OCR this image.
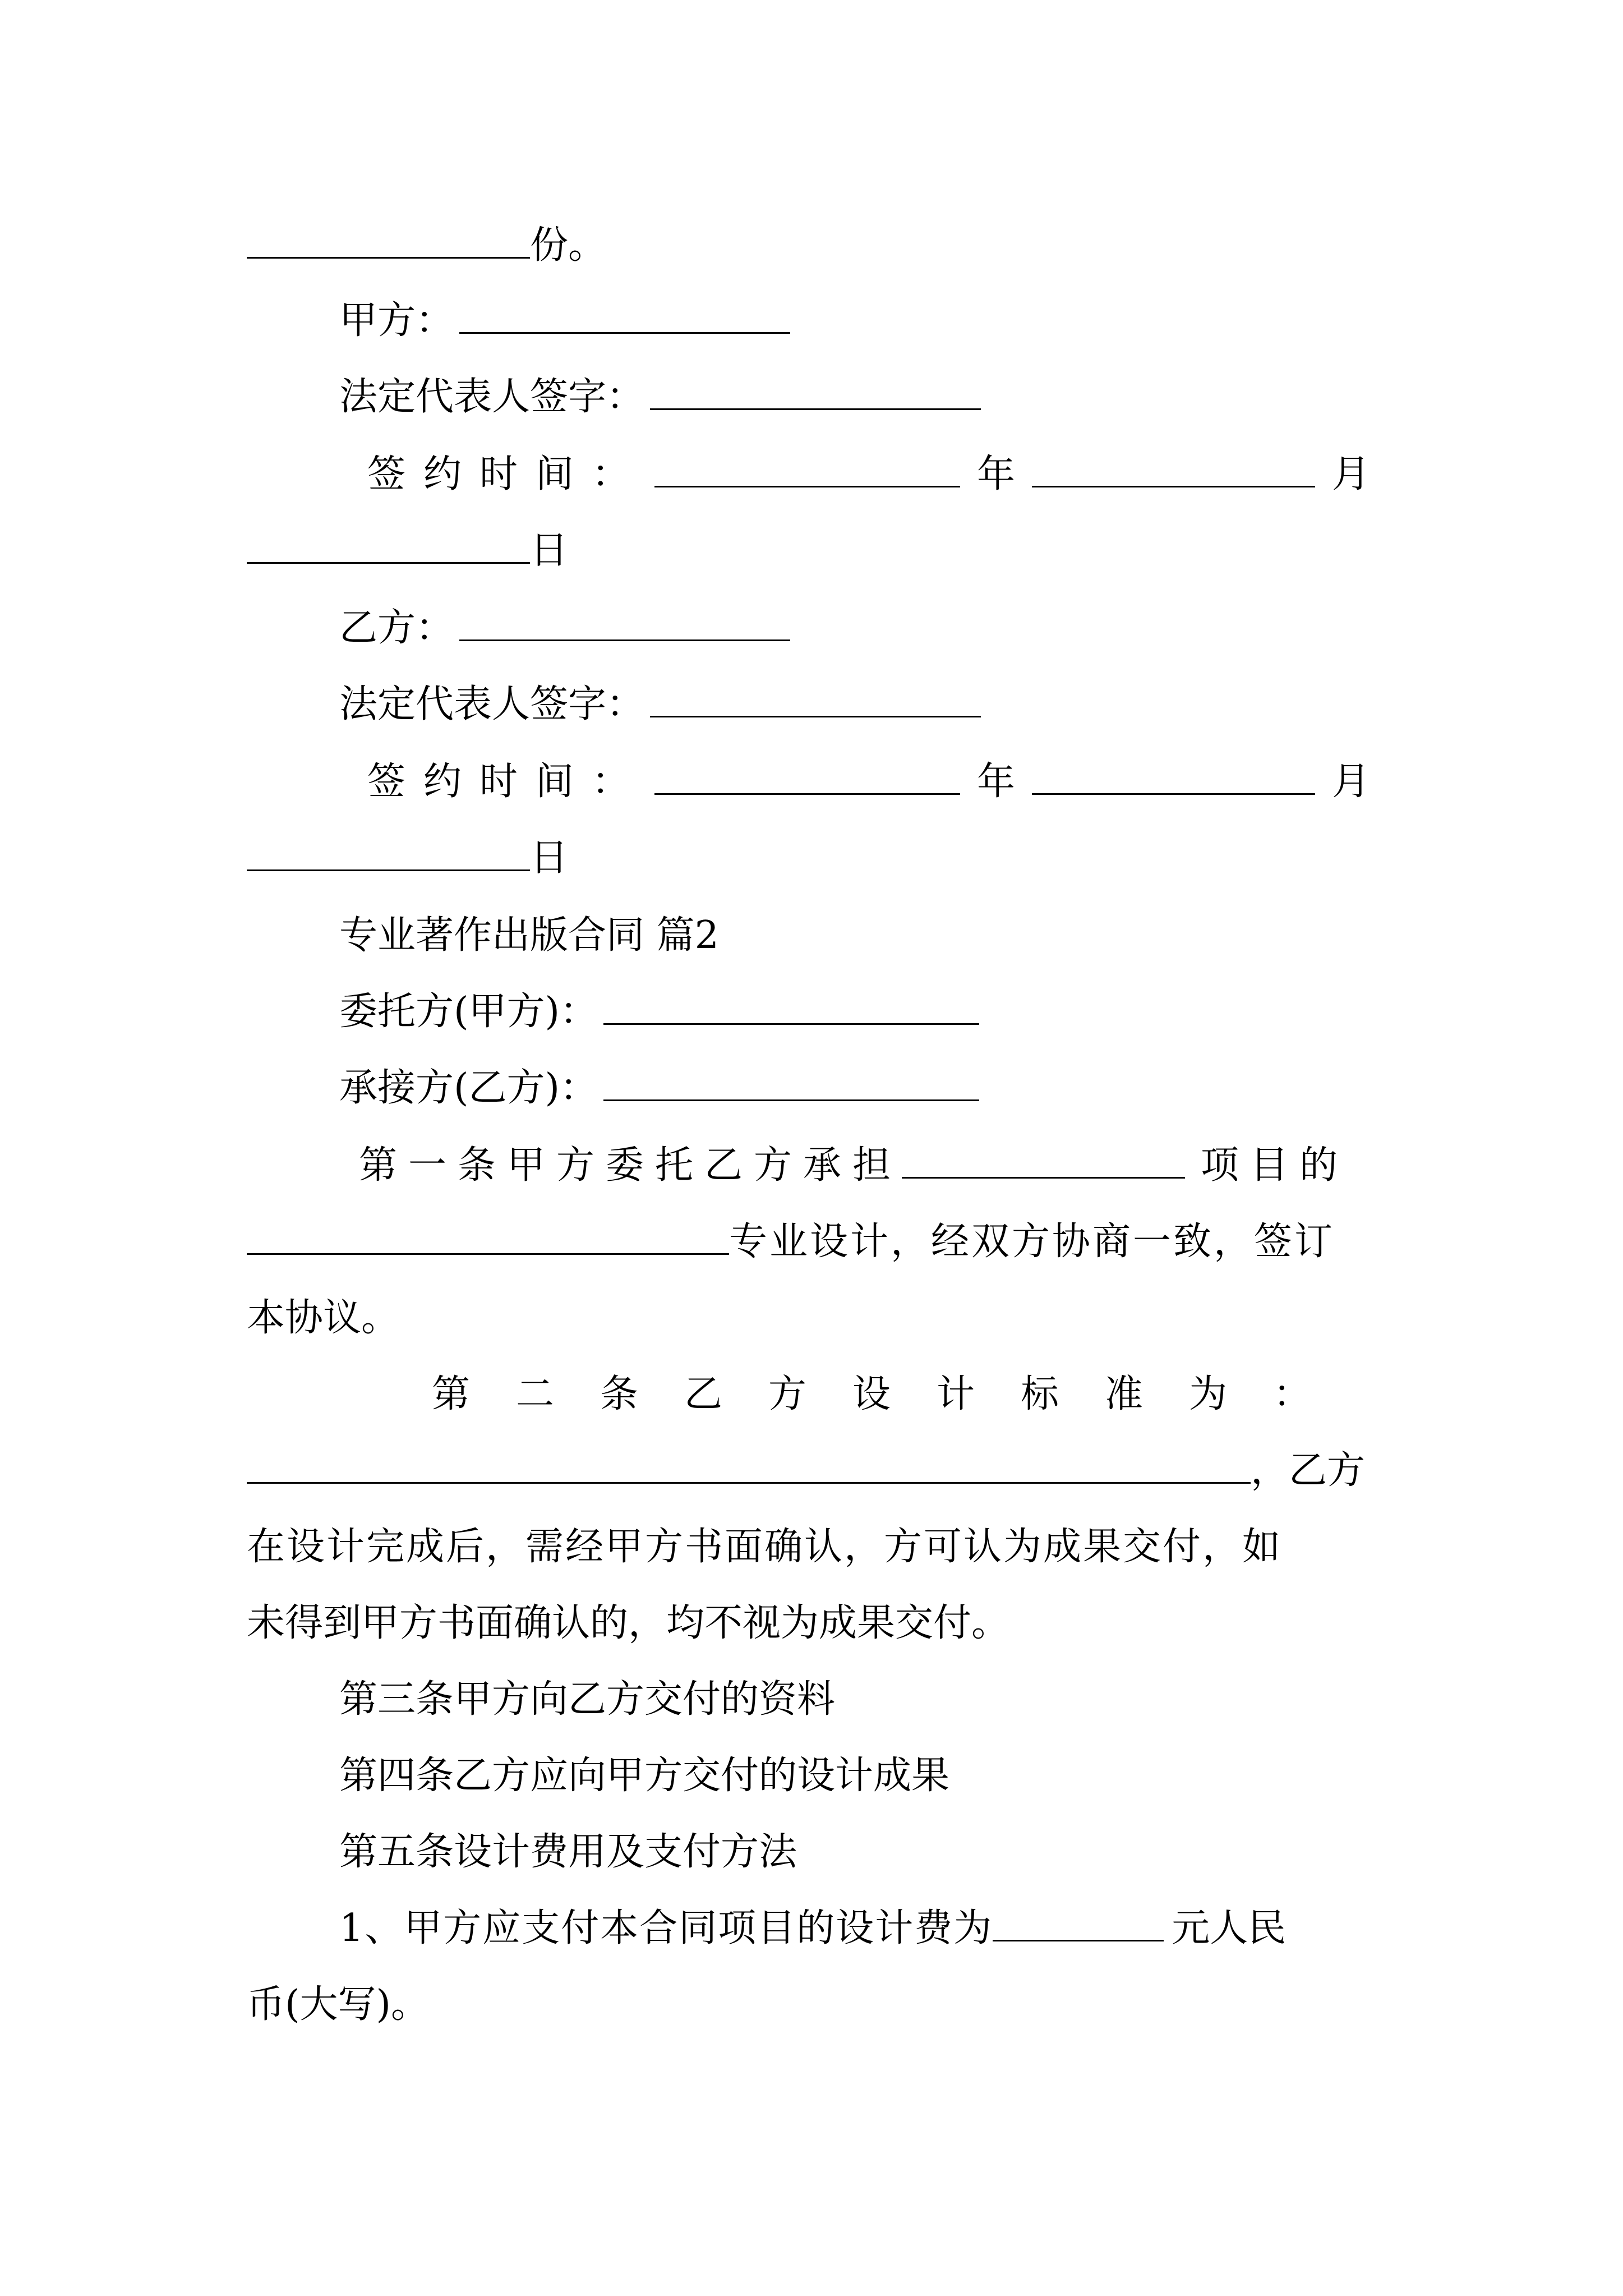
份。
甲方：
法定代表人签字：
签约时间：	年	月
日
乙方：
法定代表人签字：
签约时间：	年	月
日
专业著作出版合同 篇2
委托方(甲方)：
承接方(乙方)：
第一条甲方委托乙方承担	项目的
专业设计，经双方协商一致，签订
本协议。
第二条乙方设计标准为：
，乙方
在设计完成后，需经甲方书面确认，方可认为成果交付，如
未得到甲方书面确认的，均不视为成果交付。
第三条甲方向乙方交付的资料
第四条乙方应向甲方交付的设计成果
第五条设计费用及支付方法
1、甲方应支付本合同项目的设计费为	元人民
币(大写)。
